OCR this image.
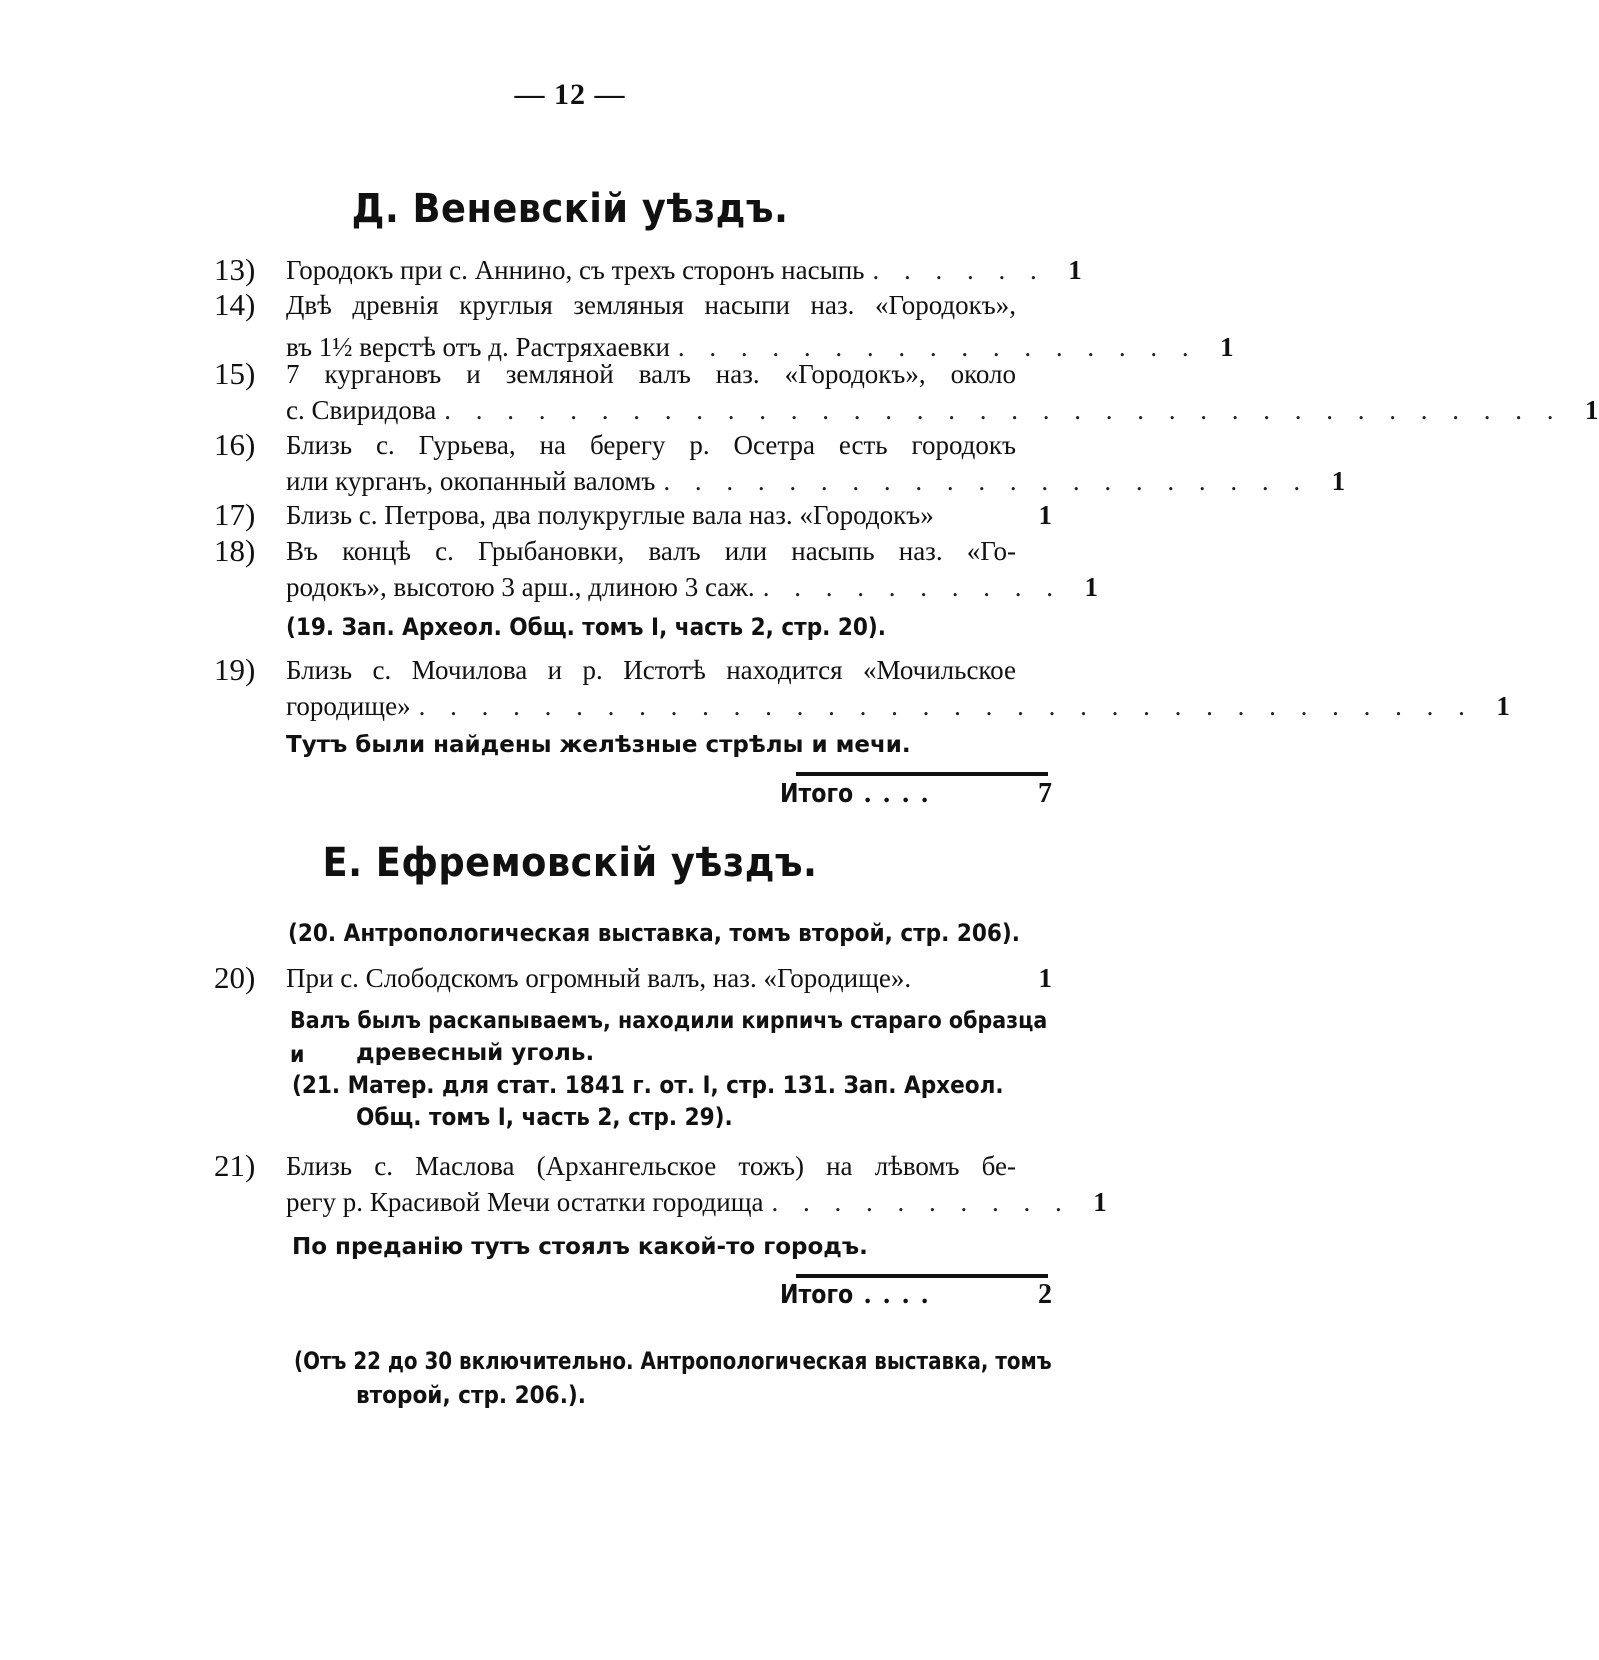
— 12 —
Д. Веневскій уѣздъ.
13)	Городокъ при с. Аннино, съ трехъ сторонъ насыпь . . . . . . 1
14)	Двѣ древнія круглыя земляныя насыпи наз. «Городокъ»,
въ 1½ верстѣ отъ д. Растряхаевки . . . . . . . . . . . . . . . . . 1
15)	7 кургановъ и земляной валъ наз. «Городокъ», около
с. Свиридова . . . . . . . . . . . . . . . . . . . . . . . . . . . . . . . . . . . . 1
16)	Близь с. Гурьева, на берегу р. Осетра есть городокъ
или курганъ, окопанный валомъ . . . . . . . . . . . . . . . . . . . . . 1
17)	Близь с. Петрова, два полукруглые вала наз. «Городокъ»	1
18)	Въ концѣ с. Грыбановки, валъ или насыпь наз. «Го-
родокъ», высотою 3 арш., длиною 3 саж. . . . . . . . . . . 1
(19. Зап. Археол. Общ. томъ I, часть 2, стр. 20).
19)	Близь с. Мочилова и р. Истотѣ находится «Мочильское
городище» . . . . . . . . . . . . . . . . . . . . . . . . . . . . . . . . . . 1
Тутъ были найдены желѣзные стрѣлы и мечи.
Итого ....	7
Е. Ефремовскій уѣздъ.
(20. Антропологическая выставка, томъ второй, стр. 206).
20)	При с. Слободскомъ огромный валъ, наз. «Городище».	1
Валъ былъ раскапываемъ, находили кирпичъ стараго образца и	древесный уголь.
(21. Матер. для стат. 1841 г. от. I, стр. 131. Зап. Археол.
Общ. томъ I, часть 2, стр. 29).
21)	Близь с. Маслова (Архангельское тожъ) на лѣвомъ бе-
регу р. Красивой Мечи остатки городища . . . . . . . . . . 1
По преданію тутъ стоялъ какой-то городъ.
Итого ....	2
(Отъ 22 до 30 включительно. Антропологическая выставка, томъ
второй, стр. 206.).
